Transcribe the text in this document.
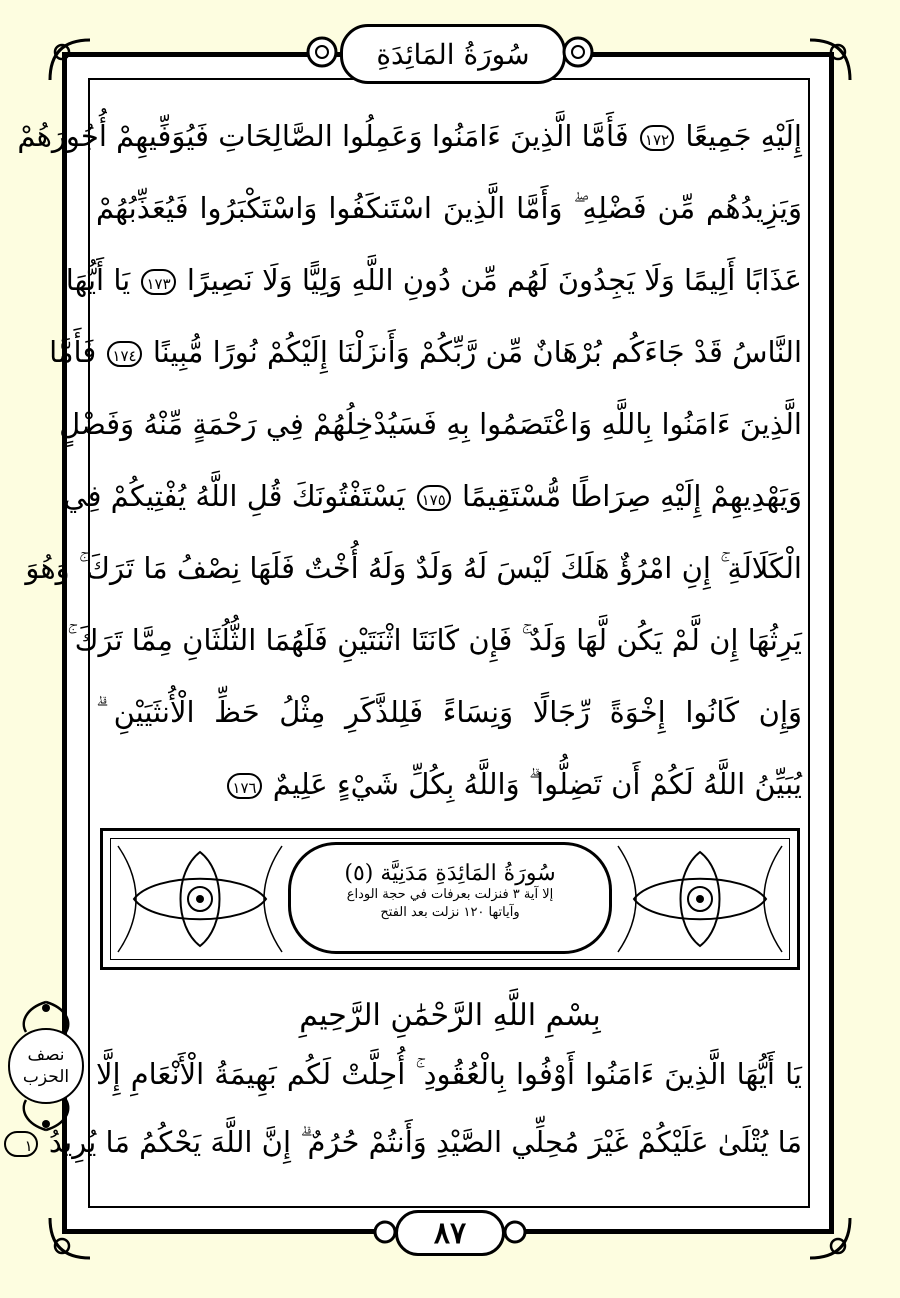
سُورَةُ المَائِدَةِ
إِلَيْهِ جَمِيعًا ١٧٢ فَأَمَّا الَّذِينَ ءَامَنُوا وَعَمِلُوا الصَّالِحَاتِ فَيُوَفِّيهِمْ أُجُورَهُمْ
وَيَزِيدُهُم مِّن فَضْلِهِ ۖ وَأَمَّا الَّذِينَ اسْتَنكَفُوا وَاسْتَكْبَرُوا فَيُعَذِّبُهُمْ
عَذَابًا أَلِيمًا وَلَا يَجِدُونَ لَهُم مِّن دُونِ اللَّهِ وَلِيًّا وَلَا نَصِيرًا ١٧٣ يَا أَيُّهَا
النَّاسُ قَدْ جَاءَكُم بُرْهَانٌ مِّن رَّبِّكُمْ وَأَنزَلْنَا إِلَيْكُمْ نُورًا مُّبِينًا ١٧٤ فَأَمَّا
الَّذِينَ ءَامَنُوا بِاللَّهِ وَاعْتَصَمُوا بِهِ فَسَيُدْخِلُهُمْ فِي رَحْمَةٍ مِّنْهُ وَفَضْلٍ
وَيَهْدِيهِمْ إِلَيْهِ صِرَاطًا مُّسْتَقِيمًا ١٧٥ يَسْتَفْتُونَكَ قُلِ اللَّهُ يُفْتِيكُمْ فِي
الْكَلَالَةِ ۚ إِنِ امْرُؤٌ هَلَكَ لَيْسَ لَهُ وَلَدٌ وَلَهُ أُخْتٌ فَلَهَا نِصْفُ مَا تَرَكَ ۚ وَهُوَ
يَرِثُهَا إِن لَّمْ يَكُن لَّهَا وَلَدٌ ۚ فَإِن كَانَتَا اثْنَتَيْنِ فَلَهُمَا الثُّلُثَانِ مِمَّا تَرَكَ ۚ
وَإِن كَانُوا إِخْوَةً رِّجَالًا وَنِسَاءً فَلِلذَّكَرِ مِثْلُ حَظِّ الْأُنثَيَيْنِ ۗ
يُبَيِّنُ اللَّهُ لَكُمْ أَن تَضِلُّوا ۗ وَاللَّهُ بِكُلِّ شَيْءٍ عَلِيمٌ ١٧٦
سُورَةُ المَائِدَةِ مَدَنِيَّة (٥)
إلا آية ٣ فنزلت بعرفات في حجة الوداع
وآياتها ١٢٠ نزلت بعد الفتح
بِسْمِ اللَّهِ الرَّحْمَٰنِ الرَّحِيمِ
يَا أَيُّهَا الَّذِينَ ءَامَنُوا أَوْفُوا بِالْعُقُودِ ۚ أُحِلَّتْ لَكُم بَهِيمَةُ الْأَنْعَامِ إِلَّا
مَا يُتْلَىٰ عَلَيْكُمْ غَيْرَ مُحِلِّي الصَّيْدِ وَأَنتُمْ حُرُمٌ ۗ إِنَّ اللَّهَ يَحْكُمُ مَا يُرِيدُ ١
نصف
الحزب
٨٧
